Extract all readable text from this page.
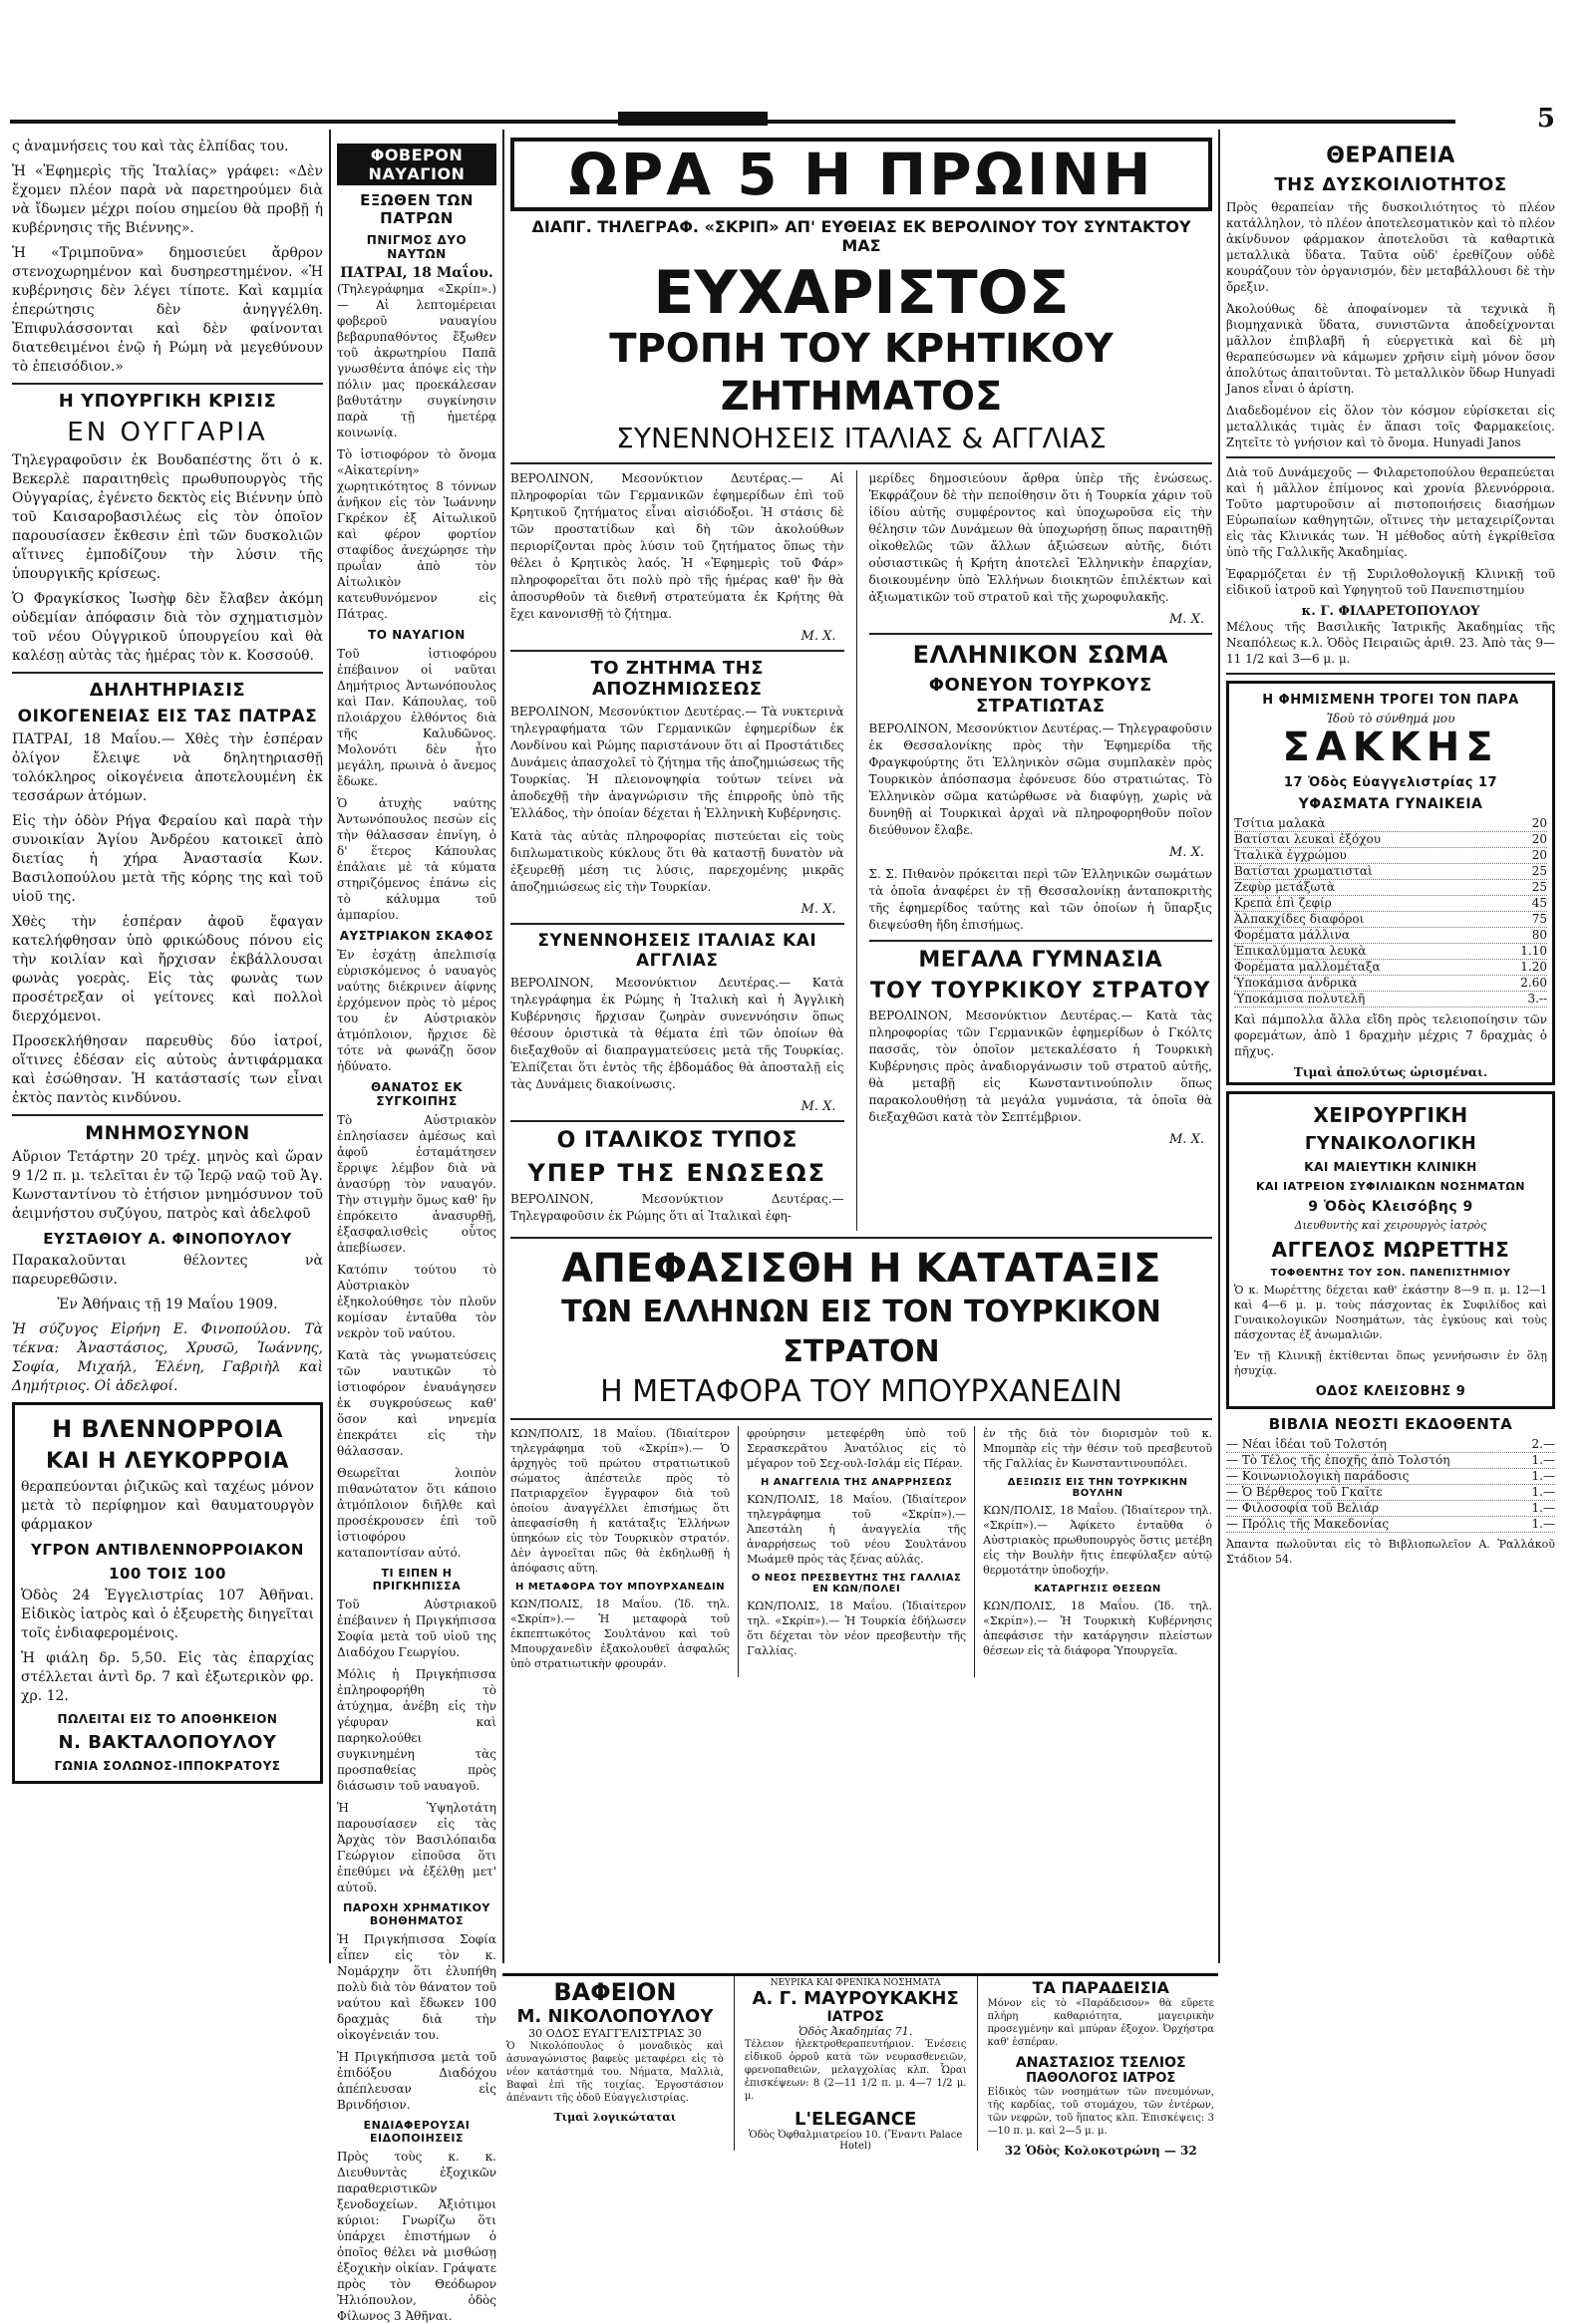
5

ς ἀναμνήσεις του καὶ τὰς ἐλπίδας του.

Ἡ «Ἐφημερὶς τῆς Ἰταλίας» γράφει: «Δὲν ἔχομεν πλέον παρὰ νὰ παρετηρούμεν διὰ νὰ ἴδωμεν μέχρι ποίου σημείου θὰ προβῇ ἡ κυβέρνησις τῆς Βιέννης».

Ἡ «Τριμποῦνα» δημοσιεύει ἄρθρον στενοχωρημένον καὶ δυσηρεστημένον. «Ἡ κυβέρνησις δὲν λέγει τίποτε. Καὶ καμμία ἐπερώτησις δὲν ἀνηγγέλθη. Ἐπιφυλάσσονται καὶ δὲν φαίνονται διατεθειμένοι ἐνῷ ἡ Ρώμη νὰ μεγεθύνουν τὸ ἐπεισόδιον.»

Η ΥΠΟΥΡΓΙΚΗ ΚΡΙΣΙΣ
ΕΝ ΟΥΓΓΑΡΙΑ

Τηλεγραφοῦσιν ἐκ Βουδαπέστης ὅτι ὁ κ. Βεκερλὲ παραιτηθεὶς πρωθυπουργὸς τῆς Οὐγγαρίας, ἐγένετο δεκτὸς εἰς Βιέννην ὑπὸ τοῦ Καισαροβασιλέως εἰς τὸν ὁποῖον παρουσίασεν ἔκθεσιν ἐπὶ τῶν δυσκολιῶν αἵτινες ἐμποδίζουν τὴν λύσιν τῆς ὑπουργικῆς κρίσεως.

Ὁ Φραγκίσκος Ἰωσὴφ δὲν ἔλαβεν ἀκόμη οὐδεμίαν ἀπόφασιν διὰ τὸν σχηματισμὸν τοῦ νέου Οὐγγρικοῦ ὑπουργείου καὶ θὰ καλέσῃ αὐτὰς τὰς ἡμέρας τὸν κ. Κοσσούθ.

ΔΗΛΗΤΗΡΙΑΣΙΣ
ΟΙΚΟΓΕΝΕΙΑΣ ΕΙΣ ΤΑΣ ΠΑΤΡΑΣ

ΠΑΤΡΑΙ, 18 Μαΐου.— Χθὲς τὴν ἑσπέραν ὀλίγον ἔλειψε νὰ δηλητηριασθῇ τολόκληρος οἰκογένεια ἀποτελουμένη ἐκ τεσσάρων ἀτόμων.

Εἰς τὴν ὁδὸν Ρήγα Φεραίου καὶ παρὰ τὴν συνοικίαν Ἁγίου Ἀνδρέου κατοικεῖ ἀπὸ διετίας ἡ χήρα Ἀναστασία Κων. Βασιλοπούλου μετὰ τῆς κόρης της καὶ τοῦ υἱοῦ της.

Χθὲς τὴν ἑσπέραν ἀφοῦ ἔφαγαν κατελήφθησαν ὑπὸ φρικώδους πόνου εἰς τὴν κοιλίαν καὶ ἤρχισαν ἐκβάλλουσαι φωνὰς γοερὰς. Εἰς τὰς φωνὰς των προσέτρεξαν οἱ γείτονες καὶ πολλοὶ διερχόμενοι.

Προσεκλήθησαν παρευθὺς δύο ἰατροί, οἵτινες ἐδέσαν εἰς αὐτοὺς ἀντιφάρμακα καὶ ἐσώθησαν. Ἡ κατάστασίς των εἶναι ἐκτὸς παντὸς κινδύνου.

ΜΝΗΜΟΣΥΝΟΝ

Αὔριον Τετάρτην 20 τρέχ. μηνὸς καὶ ὥραν 9 1/2 π. μ. τελεῖται ἐν τῷ Ἱερῷ ναῷ τοῦ Ἁγ. Κωνσταντίνου τὸ ἐτήσιον μνημόσυνον τοῦ ἀειμνήστου συζύγου, πατρὸς καὶ ἀδελφοῦ

ΕΥΣΤΑΘΙΟΥ Α. ΦΙΝΟΠΟΥΛΟΥ

Παρακαλοῦνται θέλοντες νὰ παρευρεθῶσιν.

Ἐν Ἀθήναις τῇ 19 Μαΐου 1909.

Ἡ σύζυγος Εἰρήνη Ε. Φινοπούλου. Τὰ τέκνα: Ἀναστάσιος, Χρυσῶ, Ἰωάννης, Σοφία, Μιχαήλ, Ἑλένη, Γαβριὴλ καὶ Δημήτριος. Οἱ ἀδελφοί.

Η ΒΛΕΝΝΟΡΡΟΙΑ
ΚΑΙ Η ΛΕΥΚΟΡΡΟΙΑ

θεραπεύονται ῥιζικῶς καὶ ταχέως μόνον μετὰ τὸ περίφημον καὶ θαυματουργὸν φάρμακον

ΥΓΡΟΝ ΑΝΤΙΒΛΕΝΝΟΡΡΟΙΑΚΟΝ
100 ΤΟΙΣ 100

Ὁδὸς 24 Ἐγγελιστρίας 107 Ἀθῆναι. Εἰδικὸς ἰατρὸς καὶ ὁ ἐξευρετὴς διηγεῖται τοῖς ἐνδιαφερομένοις.

Ἡ φιάλη δρ. 5,50. Εἰς τὰς ἐπαρχίας στέλλεται ἀντὶ δρ. 7 καὶ ἐξωτερικὸν φρ. χρ. 12.

ΠΩΛΕΙΤΑΙ ΕΙΣ ΤΟ ΑΠΟΘΗΚΕΙΟΝ
Ν. ΒΑΚΤΑΛΟΠΟΥΛΟΥ
ΓΩΝΙΑ ΣΟΛΩΝΟΣ-ΙΠΠΟΚΡΑΤΟΥΣ
ΦΟΒΕΡΟΝ ΝΑΥΑΓΙΟΝ
ΕΞΩΘΕΝ ΤΩΝ ΠΑΤΡΩΝ
ΠΝΙΓΜΟΣ ΔΥΟ ΝΑΥΤΩΝ
ΠΑΤΡΑΙ, 18 Μαΐου.

(Τηλεγράφημα «Σκρίπ».)— Αἱ λεπτομέρειαι φοβεροῦ ναυαγίου βεβαρυπαθόντος ἔξωθεν τοῦ ἀκρωτηρίου Παπᾶ γνωσθέντα ἀπόψε εἰς τὴν πόλιν μας προεκάλεσαν βαθυτάτην συγκίνησιν παρὰ τῇ ἡμετέρᾳ κοινωνίᾳ.

Τὸ ἱστιοφόρον τὸ ὄνομα «Αἰκατερίνη» χωρητικότητος 8 τόννων ἀνῆκον εἰς τὸν Ἰωάννην Γκρέκον ἐξ Αἰτωλικοῦ καὶ φέρον φορτίον σταφίδος ἀνεχώρησε τὴν πρωΐαν ἀπὸ τὸν Αἰτωλικὸν κατευθυνόμενον εἰς Πάτρας.

ΤΟ ΝΑΥΑΓΙΟΝ

Τοῦ ἱστιοφόρου ἐπέβαινον οἱ ναῦται Δημήτριος Ἀντωνόπουλος καὶ Παν. Κάπουλας, τοῦ πλοιάρχου ἐλθόντος διὰ τῆς Καλυδῶνος. Μολονότι δὲν ἦτο μεγάλη, πρωινὰ ὁ ἄνεμος ἔδωκε.

Ὁ ἀτυχὴς ναύτης Ἀντωνόπουλος πεσὼν εἰς τὴν θάλασσαν ἐπνίγη, ὁ δ' ἕτερος Κάπουλας ἐπάλαιε μὲ τὰ κύματα στηριζόμενος ἐπάνω εἰς τὸ κάλυμμα τοῦ ἀμπαρίου.

ΑΥΣΤΡΙΑΚΟΝ ΣΚΑΦΟΣ

Ἐν ἐσχάτῃ ἀπελπισίᾳ εὑρισκόμενος ὁ ναυαγὸς ναύτης διέκρινεν ἀίφνης ἐρχόμενον πρὸς τὸ μέρος του ἐν Αὐστριακὸν ἀτμόπλοιον, ἤρχισε δὲ τότε νὰ φωνάζῃ ὅσον ἠδύνατο.

ΘΑΝΑΤΟΣ ΕΚ ΣΥΓΚΟΙΠΗΣ

Τὸ Αὐστριακὸν ἐπλησίασεν ἀμέσως καὶ ἀφοῦ ἐσταμάτησεν ἔρριψε λέμβον διὰ νὰ ἀνασύρῃ τὸν ναυαγόν. Τὴν στιγμὴν ὅμως καθ' ἣν ἐπρόκειτο ἀνασυρθῇ, ἐξασφαλισθεὶς οὗτος ἀπεβίωσεν.

Κατόπιν τούτου τὸ Αὐστριακὸν ἐξηκολούθησε τὸν πλοῦν κομίσαν ἐνταῦθα τὸν νεκρὸν τοῦ ναύτου.

Κατὰ τὰς γνωματεύσεις τῶν ναυτικῶν τὸ ἱστιοφόρον ἐναυάγησεν ἐκ συγκρούσεως καθ' ὅσον καὶ νηνεμία ἐπεκράτει εἰς τὴν θάλασσαν.

Θεωρεῖται λοιπὸν πιθανώτατον ὅτι κάποιο ἀτμόπλοιον διῆλθε καὶ προσέκρουσεν ἐπὶ τοῦ ἱστιοφόρου καταποντίσαν αὐτό.

ΤΙ ΕΙΠΕΝ Η ΠΡΙΓΚΗΠΙΣΣΑ

Τοῦ Αὐστριακοῦ ἐπέβαινεν ἡ Πριγκήπισσα Σοφία μετὰ τοῦ υἱοῦ της Διαδόχου Γεωργίου.

Μόλις ἡ Πριγκήπισσα ἐπληροφορήθη τὸ ἀτύχημα, ἀνέβη εἰς τὴν γέφυραν καὶ παρηκολούθει συγκινημένη τὰς προσπαθείας πρὸς διάσωσιν τοῦ ναυαγοῦ.

Ἡ Ὑψηλοτάτη παρουσίασεν εἰς τὰς Ἀρχὰς τὸν Βασιλόπαιδα Γεώργιον εἰποῦσα ὅτι ἐπεθύμει νὰ ἐξέλθῃ μετ' αὐτοῦ.

ΠΑΡΟΧΗ ΧΡΗΜΑΤΙΚΟΥ ΒΟΗΘΗΜΑΤΟΣ

Ἡ Πριγκήπισσα Σοφία εἶπεν εἰς τὸν κ. Νομάρχην ὅτι ἐλυπήθη πολὺ διὰ τὸν θάνατον τοῦ ναύτου καὶ ἔδωκεν 100 δραχμὰς διὰ τὴν οἰκογένειάν του.

Ἡ Πριγκήπισσα μετὰ τοῦ ἐπιδόξου Διαδόχου ἀπέπλευσαν εἰς Βρινδήσιον.

ΕΝΔΙΑΦΕΡΟΥΣΑΙ ΕΙΔΟΠΟΙΗΣΕΙΣ

Πρὸς τοὺς κ. κ. Διευθυντὰς ἐξοχικῶν παραθεριστικῶν ξενοδοχείων. Ἀξιότιμοι κύριοι: Γνωρίζω ὅτι ὑπάρχει ἐπιστήμων ὁ ὁποῖος θέλει νὰ μισθώσῃ ἐξοχικὴν οἰκίαν. Γράψατε πρὸς τὸν Θεόδωρον Ἠλιόπουλον, ὁδὸς Φίλωνος 3 Ἀθῆναι.

ΩΡΑ 5 Η ΠΡΩΙΝΗ
ΔΙΑΠΓ. ΤΗΛΕΓΡΑΦ. «ΣΚΡΙΠ» ΑΠ' ΕΥΘΕΙΑΣ ΕΚ ΒΕΡΟΛΙΝΟΥ ΤΟΥ ΣΥΝΤΑΚΤΟΥ ΜΑΣ
ΕΥΧΑΡΙΣΤΟΣ
ΤΡΟΠΗ ΤΟΥ ΚΡΗΤΙΚΟΥ ΖΗΤΗΜΑΤΟΣ
ΣΥΝΕΝΝΟΗΣΕΙΣ ΙΤΑΛΙΑΣ & ΑΓΓΛΙΑΣ

ΒΕΡΟΛΙΝΟΝ, Μεσονύκτιον Δευτέρας.— Αἱ πληροφορίαι τῶν Γερμανικῶν ἐφημερίδων ἐπὶ τοῦ Κρητικοῦ ζητήματος εἶναι αἰσιόδοξοι. Ἡ στάσις δὲ τῶν προστατίδων καὶ δὴ τῶν ἀκολούθων περιορίζονται πρὸς λύσιν τοῦ ζητήματος ὅπως τὴν θέλει ὁ Κρητικὸς λαός. Ἡ «Ἐφημερὶς τοῦ Φάρ» πληροφορεῖται ὅτι πολὺ πρὸ τῆς ἡμέρας καθ' ἣν θὰ ἀποσυρθοῦν τὰ διεθνῆ στρατεύματα ἐκ Κρήτης θὰ ἔχει κανονισθῇ τὸ ζήτημα.

Μ. Χ.
ΤΟ ΖΗΤΗΜΑ ΤΗΣ ΑΠΟΖΗΜΙΩΣΕΩΣ

ΒΕΡΟΛΙΝΟΝ, Μεσονύκτιον Δευτέρας.— Τὰ νυκτερινὰ τηλεγραφήματα τῶν Γερμανικῶν ἐφημερίδων ἐκ Λονδίνου καὶ Ρώμης παριστάνουν ὅτι αἱ Προστάτιδες Δυνάμεις ἀπασχολεῖ τὸ ζήτημα τῆς ἀποζημιώσεως τῆς Τουρκίας. Ἡ πλειονοψηφία τούτων τείνει νὰ ἀποδεχθῇ τὴν ἀναγνώρισιν τῆς ἐπιρροῆς ὑπὸ τῆς Ἑλλάδος, τὴν ὁποίαν δέχεται ἡ Ἑλληνικὴ Κυβέρνησις.

Κατὰ τὰς αὐτὰς πληροφορίας πιστεύεται εἰς τοὺς διπλωματικοὺς κύκλους ὅτι θὰ καταστῇ δυνατὸν νὰ ἐξευρεθῇ μέση τις λύσις, παρεχομένης μικρᾶς ἀποζημιώσεως εἰς τὴν Τουρκίαν.

Μ. Χ.
ΣΥΝΕΝΝΟΗΣΕΙΣ ΙΤΑΛΙΑΣ ΚΑΙ ΑΓΓΛΙΑΣ

ΒΕΡΟΛΙΝΟΝ, Μεσονύκτιον Δευτέρας.— Κατὰ τηλεγράφημα ἐκ Ρώμης ἡ Ἰταλικὴ καὶ ἡ Ἀγγλικὴ Κυβέρνησις ἤρχισαν ζωηρὰν συνεννόησιν ὅπως θέσουν ὁριστικὰ τὰ θέματα ἐπὶ τῶν ὁποίων θὰ διεξαχθοῦν αἱ διαπραγματεύσεις μετὰ τῆς Τουρκίας. Ἐλπίζεται ὅτι ἐντὸς τῆς ἑβδομάδος θὰ ἀποσταλῇ εἰς τὰς Δυνάμεις διακοίνωσις.

Μ. Χ.
Ο ΙΤΑΛΙΚΟΣ ΤΥΠΟΣ
ΥΠΕΡ ΤΗΣ ΕΝΩΣΕΩΣ

ΒΕΡΟΛΙΝΟΝ, Μεσονύκτιον Δευτέρας.— Τηλεγραφοῦσιν ἐκ Ρώμης ὅτι αἱ Ἰταλικαὶ ἐφη-

μερίδες δημοσιεύουν ἄρθρα ὑπὲρ τῆς ἐνώσεως. Ἐκφράζουν δὲ τὴν πεποίθησιν ὅτι ἡ Τουρκία χάριν τοῦ ἰδίου αὐτῆς συμφέροντος καὶ ὑποχωροῦσα εἰς τὴν θέλησιν τῶν Δυνάμεων θὰ ὑποχωρήσῃ ὅπως παραιτηθῇ οἰκοθελῶς τῶν ἄλλων ἀξιώσεων αὐτῆς, διότι οὐσιαστικῶς ἡ Κρήτη ἀποτελεῖ Ἑλληνικὴν ἐπαρχίαν, διοικουμένην ὑπὸ Ἑλλήνων διοικητῶν ἐπιλέκτων καὶ ἀξιωματικῶν τοῦ στρατοῦ καὶ τῆς χωροφυλακῆς.

Μ. Χ.
ΕΛΛΗΝΙΚΟΝ ΣΩΜΑ
ΦΟΝΕΥΟΝ ΤΟΥΡΚΟΥΣ ΣΤΡΑΤΙΩΤΑΣ

ΒΕΡΟΛΙΝΟΝ, Μεσονύκτιον Δευτέρας.— Τηλεγραφοῦσιν ἐκ Θεσσαλονίκης πρὸς τὴν Ἐφημερίδα τῆς Φραγκφούρτης ὅτι Ἑλληνικὸν σῶμα συμπλακὲν πρὸς Τουρκικὸν ἀπόσπασμα ἐφόνευσε δύο στρατιώτας. Τὸ Ἑλληνικὸν σῶμα κατώρθωσε νὰ διαφύγῃ, χωρὶς νὰ δυνηθῇ αἱ Τουρκικαὶ ἀρχαὶ νὰ πληροφορηθοῦν ποῖον διεύθυνον ἔλαβε.

Μ. Χ.

Σ. Σ. Πιθανὸν πρόκειται περὶ τῶν Ἑλληνικῶν σωμάτων τὰ ὁποῖα ἀναφέρει ἐν τῇ Θεσσαλονίκῃ ἀνταποκριτὴς τῆς ἐφημερίδος ταύτης καὶ τῶν ὁποίων ἡ ὕπαρξις διεψεύσθη ἤδη ἐπισήμως.

ΜΕΓΑΛΑ ΓΥΜΝΑΣΙΑ
ΤΟΥ ΤΟΥΡΚΙΚΟΥ ΣΤΡΑΤΟΥ

ΒΕΡΟΛΙΝΟΝ, Μεσονύκτιον Δευτέρας.— Κατὰ τὰς πληροφορίας τῶν Γερμανικῶν ἐφημερίδων ὁ Γκόλτς πασσᾶς, τὸν ὁποῖον μετεκαλέσατο ἡ Τουρκικὴ Κυβέρνησις πρὸς ἀναδιοργάνωσιν τοῦ στρατοῦ αὐτῆς, θὰ μεταβῇ εἰς Κωνσταντινούπολιν ὅπως παρακολουθήσῃ τὰ μεγάλα γυμνάσια, τὰ ὁποῖα θὰ διεξαχθῶσι κατὰ τὸν Σεπτέμβριον.

Μ. Χ.
ΑΠΕΦΑΣΙΣΘΗ Η ΚΑΤΑΤΑΞΙΣ
ΤΩΝ ΕΛΛΗΝΩΝ ΕΙΣ ΤΟΝ ΤΟΥΡΚΙΚΟΝ ΣΤΡΑΤΟΝ
Η ΜΕΤΑΦΟΡΑ ΤΟΥ ΜΠΟΥΡΧΑΝΕΔΙΝ

ΚΩΝ/ΠΟΛΙΣ, 18 Μαΐου. (Ἰδιαίτερον τηλεγράφημα τοῦ «Σκρίπ»).— Ὁ ἀρχηγὸς τοῦ πρώτου στρατιωτικοῦ σώματος ἀπέστειλε πρὸς τὸ Πατριαρχεῖον ἔγγραφον διὰ τοῦ ὁποίου ἀναγγέλλει ἐπισήμως ὅτι ἀπεφασίσθη ἡ κατάταξις Ἑλλήνων ὑπηκόων εἰς τὸν Τουρκικὸν στρατόν. Δὲν ἀγνοεῖται πῶς θὰ ἐκδηλωθῇ ἡ ἀπόφασις αὕτη.

Η ΜΕΤΑΦΟΡΑ ΤΟΥ ΜΠΟΥΡΧΑΝΕΔΙΝ

ΚΩΝ/ΠΟΛΙΣ, 18 Μαΐου. (Ἰδ. τηλ. «Σκρίπ»).— Ἡ μεταφορὰ τοῦ ἐκπεπτωκότος Σουλτάνου καὶ τοῦ Μπουρχανεδὶν ἐξακολουθεῖ ἀσφαλῶς ὑπὸ στρατιωτικὴν φρουράν.

φρούρησιν μετεφέρθη ὑπὸ τοῦ Σερασκερᾶτου Ἀνατόλιος εἰς τὸ μέγαρον τοῦ Σεχ-ουλ-Ισλάμ εἰς Πέραν.

Η ΑΝΑΓΓΕΛΙΑ ΤΗΣ ΑΝΑΡΡΗΣΕΩΣ

ΚΩΝ/ΠΟΛΙΣ, 18 Μαΐου. (Ἰδιαίτερον τηλεγράφημα τοῦ «Σκρίπ»).— Ἀπεστάλη ἡ ἀναγγελία τῆς ἀναρρήσεως τοῦ νέου Σουλτάνου Μωάμεθ πρὸς τὰς ξένας αὐλάς.

Ο ΝΕΟΣ ΠΡΕΣΒΕΥΤΗΣ ΤΗΣ ΓΑΛΛΙΑΣ ΕΝ ΚΩΝ/ΠΟΛΕΙ

ΚΩΝ/ΠΟΛΙΣ, 18 Μαΐου. (Ἰδιαίτερον τηλ. «Σκρίπ»).— Ἡ Τουρκία ἐδήλωσεν ὅτι δέχεται τὸν νέον πρεσβευτὴν τῆς Γαλλίας.

ἐν τῆς διὰ τὸν διορισμὸν τοῦ κ. Μπομπὰρ εἰς τὴν θέσιν τοῦ πρεσβευτοῦ τῆς Γαλλίας ἐν Κωνσταντινουπόλει.

ΔΕΞΙΩΣΙΣ ΕΙΣ ΤΗΝ ΤΟΥΡΚΙΚΗΝ ΒΟΥΛΗΝ

ΚΩΝ/ΠΟΛΙΣ, 18 Μαΐου. (Ἰδιαίτερον τηλ. «Σκρίπ»).— Ἀφίκετο ἐνταῦθα ὁ Αὐστριακὸς πρωθυπουργὸς ὅστις μετέβη εἰς τὴν Βουλὴν ἥτις ἐπεφύλαξεν αὐτῷ θερμοτάτην ὑποδοχήν.

ΚΑΤΑΡΓΗΣΙΣ ΘΕΣΕΩΝ

ΚΩΝ/ΠΟΛΙΣ, 18 Μαΐου. (Ἰδ. τηλ. «Σκρίπ»).— Ἡ Τουρκικὴ Κυβέρνησις ἀπεφάσισε τὴν κατάργησιν πλείστων θέσεων εἰς τὰ διάφορα Ὑπουργεῖα.

ΒΑΦΕΙΟΝ
Μ. ΝΙΚΟΛΟΠΟΥΛΟΥ
30 ΟΔΟΣ ΕΥΑΓΓΕΛΙΣΤΡΙΑΣ 30

Ὁ Νικολόπουλος ὁ μοναδικὸς καὶ ἀσυναγώνιστος βαφεὺς μεταφέρει εἰς τὸ νέον κατάστημά του. Νήματα, Μαλλιὰ, Βαφαὶ ἐπὶ τῆς τοιχίας. Ἐργοστάσιον ἀπέναντι τῆς ὁδοῦ Εὐαγγελιστρίας.

Τιμαὶ λογικώταται
ΝΕΥΡΙΚΑ ΚΑΙ ΦΡΕΝΙΚΑ ΝΟΣΗΜΑΤΑ
Α. Γ. ΜΑΥΡΟΥΚΑΚΗΣ
ΙΑΤΡΟΣ
Ὁδὸς Ἀκαδημίας 71.

Τέλειον ἠλεκτροθεραπευτήριον. Ἐνέσεις εἰδικοῦ ὀρροῦ κατὰ τῶν νευρασθενειῶν, φρενοπαθειῶν, μελαγχολίας κλπ. Ὧραι ἐπισκέψεων: 8 (2—11 1/2 π. μ. 4—7 1/2 μ. μ.

L'ELEGANCE
Ὁδὸς Ὀφθαλμιατρείου 10. (Ἔναντι Palace Hotel)
ΤΑ ΠΑΡΑΔΕΙΣΙΑ

Μόνον εἰς τὸ «Παράδεισον» θὰ εὕρετε πλήρη καθαριότητα, μαγειρικὴν προσεγμένην καὶ μπύραν ἐξοχον. Ὀρχήστρα καθ' ἑσπέραν.

ΑΝΑΣΤΑΣΙΟΣ ΤΣΕΛΙΟΣ
ΠΑΘΟΛΟΓΟΣ ΙΑΤΡΟΣ

Εἰδικὸς τῶν νοσημάτων τῶν πνευμόνων, τῆς καρδίας, τοῦ στομάχου, τῶν ἐντέρων, τῶν νεφρῶν, τοῦ ἥπατος κλπ. Ἐπισκέψεις: 3—10 π. μ. καὶ 2—5 μ. μ.

32 Ὁδὸς Κολοκοτρώνη — 32
ΘΕΡΑΠΕΙΑ
ΤΗΣ ΔΥΣΚΟΙΛΙΟΤΗΤΟΣ

Πρὸς θεραπείαν τῆς δυσκοιλιότητος τὸ πλέον κατάλληλον, τὸ πλέον ἀποτελεσματικὸν καὶ τὸ πλέον ἀκίνδυνον φάρμακον ἀποτελοῦσι τὰ καθαρτικὰ μεταλλικὰ ὕδατα. Ταῦτα οὐδ' ἐρεθίζουν οὐδὲ κουράζουν τὸν ὀργανισμόν, δὲν μεταβάλλουσι δὲ τὴν ὄρεξιν.

Ἀκολούθως δὲ ἀποφαίνομεν τὰ τεχνικὰ ἢ βιομηχανικὰ ὕδατα, συνιστῶντα ἀποδείχνονται μᾶλλον ἐπιβλαβῆ ἡ εὐεργετικὰ καὶ δὲ μὴ θεραπεύσωμεν νὰ κάμωμεν χρῆσιν εἰμὴ μόνον ὅσον ἀπολύτως ἀπαιτοῦνται. Τὸ μεταλλικὸν ὕδωρ Hunyadi Janos εἶναι ὁ ἀρίστη.

Διαδεδομένον εἰς ὅλον τὸν κόσμον εὑρίσκεται εἰς μεταλλικάς τιμὰς ἐν ἅπασι τοῖς Φαρμακείοις. Ζητεῖτε τὸ γνήσιον καὶ τὸ ὄνομα. Hunyadi Janos

Διὰ τοῦ Δυνάμεχοῦς — Φιλαρετοπούλου θεραπεύεται καὶ ἡ μᾶλλον ἐπίμονος καὶ χρονία βλεννόρροια. Τοῦτο μαρτυροῦσιν αἱ πιστοποιήσεις διασήμων Εὐρωπαίων καθηγητῶν, οἵτινες τὴν μεταχειρίζονται εἰς τὰς Κλινικάς των. Ἡ μέθοδος αὐτὴ ἐγκρίθεῖσα ὑπὸ τῆς Γαλλικῆς Ἀκαδημίας.

Ἐφαρμόζεται ἐν τῇ Συριλοθολογικῇ Κλινικῇ τοῦ εἰδικοῦ ἰατροῦ καὶ Υφηγητοῦ τοῦ Πανεπιστημίου

κ. Γ. ΦΙΛΑΡΕΤΟΠΟΥΛΟΥ

Μέλους τῆς Βασιλικῆς Ἰατρικῆς Ἀκαδημίας τῆς Νεαπόλεως κ.λ. Ὁδὸς Πειραιῶς ἀριθ. 23. Ἀπὸ τὰς 9—11 1/2 καὶ 3—6 μ. μ.

Η ΦΗΜΙΣΜΕΝΗ ΤΡΟΓΕΙ ΤΟΝ ΠΑΡΑ
Ἰδοὺ τὸ σύνθημά μου
ΣΑΚΚΗΣ
17 Ὁδὸς Εὐαγγελιστρίας 17
ΥΦΑΣΜΑΤΑ ΓΥΝΑΙΚΕΙΑ
Τσίτια μαλακὰ	20
Βατίσται λευκαὶ ἐξόχου	20
Ἰταλικὰ ἐγχρώμου	20
Βατίσται χρωματισταὶ	25
Ζεφὺρ μετάξωτὰ	25
Κρεπὰ ἐπὶ ζεφίρ	45
Ἀλπακχίδες διαφόροι	75
Φορέματα μάλλινα	80
Ἐπικαλύμματα λευκὰ	1.10
Φορέματα μαλλομέταξα	1.20
Ὑποκάμισα ἀνδρικὰ	2.60
Ὑποκάμισα πολυτελῆ	3.--

Καὶ πάμπολλα ἄλλα εἴδη πρὸς τελειοποίησιν τῶν φορεμάτων, ἀπὸ 1 δραχμὴν μέχρις 7 δραχμὰς ὁ πῆχυς.

Τιμαὶ ἀπολύτως ὡρισμέναι.
ΧΕΙΡΟΥΡΓΙΚΗ
ΓΥΝΑΙΚΟΛΟΓΙΚΗ
ΚΑΙ ΜΑΙΕΥΤΙΚΗ ΚΛΙΝΙΚΗ
ΚΑΙ ΙΑΤΡΕΙΟΝ ΣΥΦΙΛΙΔΙΚΩΝ ΝΟΣΗΜΑΤΩΝ
9 Ὁδὸς Κλεισόβης 9
Διευθυντὴς καὶ χειρουργὸς ἰατρὸς
ΑΓΓΕΛΟΣ ΜΩΡΕΤΤΗΣ
ΤΟΦΘΕΝΤΗΣ ΤΟΥ ΣΟΝ. ΠΑΝΕΠΙΣΤΗΜΙΟΥ

Ὁ κ. Μωρέττης δέχεται καθ' ἑκάστην 8—9 π. μ. 12—1 καὶ 4—6 μ. μ. τοὺς πάσχοντας ἐκ Συφιλίδος καὶ Γυναικολογικῶν Νοσημάτων, τὰς ἐγκύους καὶ τοὺς πάσχοντας ἐξ ἀνωμαλιῶν.

Ἐν τῇ Κλινικῇ ἐκτίθενται ὅπως γεννήσωσιν ἐν ὅλῃ ἡσυχίᾳ.

ΟΔΟΣ ΚΛΕΙΣΟΒΗΣ 9
ΒΙΒΛΙΑ ΝΕΟΣΤΙ ΕΚΔΟΘΕΝΤΑ
— Νέαι ἰδέαι τοῦ Τολστόη	2.—
— Τὸ Τέλος τῆς ἐποχῆς ἀπὸ Τολστόη	1.—
— Κοινωνιολογικὴ παράδοσις	1.—
— Ὁ Βέρθερος τοῦ Γκαῖτε	1.—
— Φιλοσοφία τοῦ Βελιάρ	1.—
— Πρόλις τῆς Μακεδονίας	1.—

Ἀπαντα πωλοῦνται εἰς τὸ Βιβλιοπωλεῖον Α. Ῥαλλάκοῦ Στάδιον 54.
